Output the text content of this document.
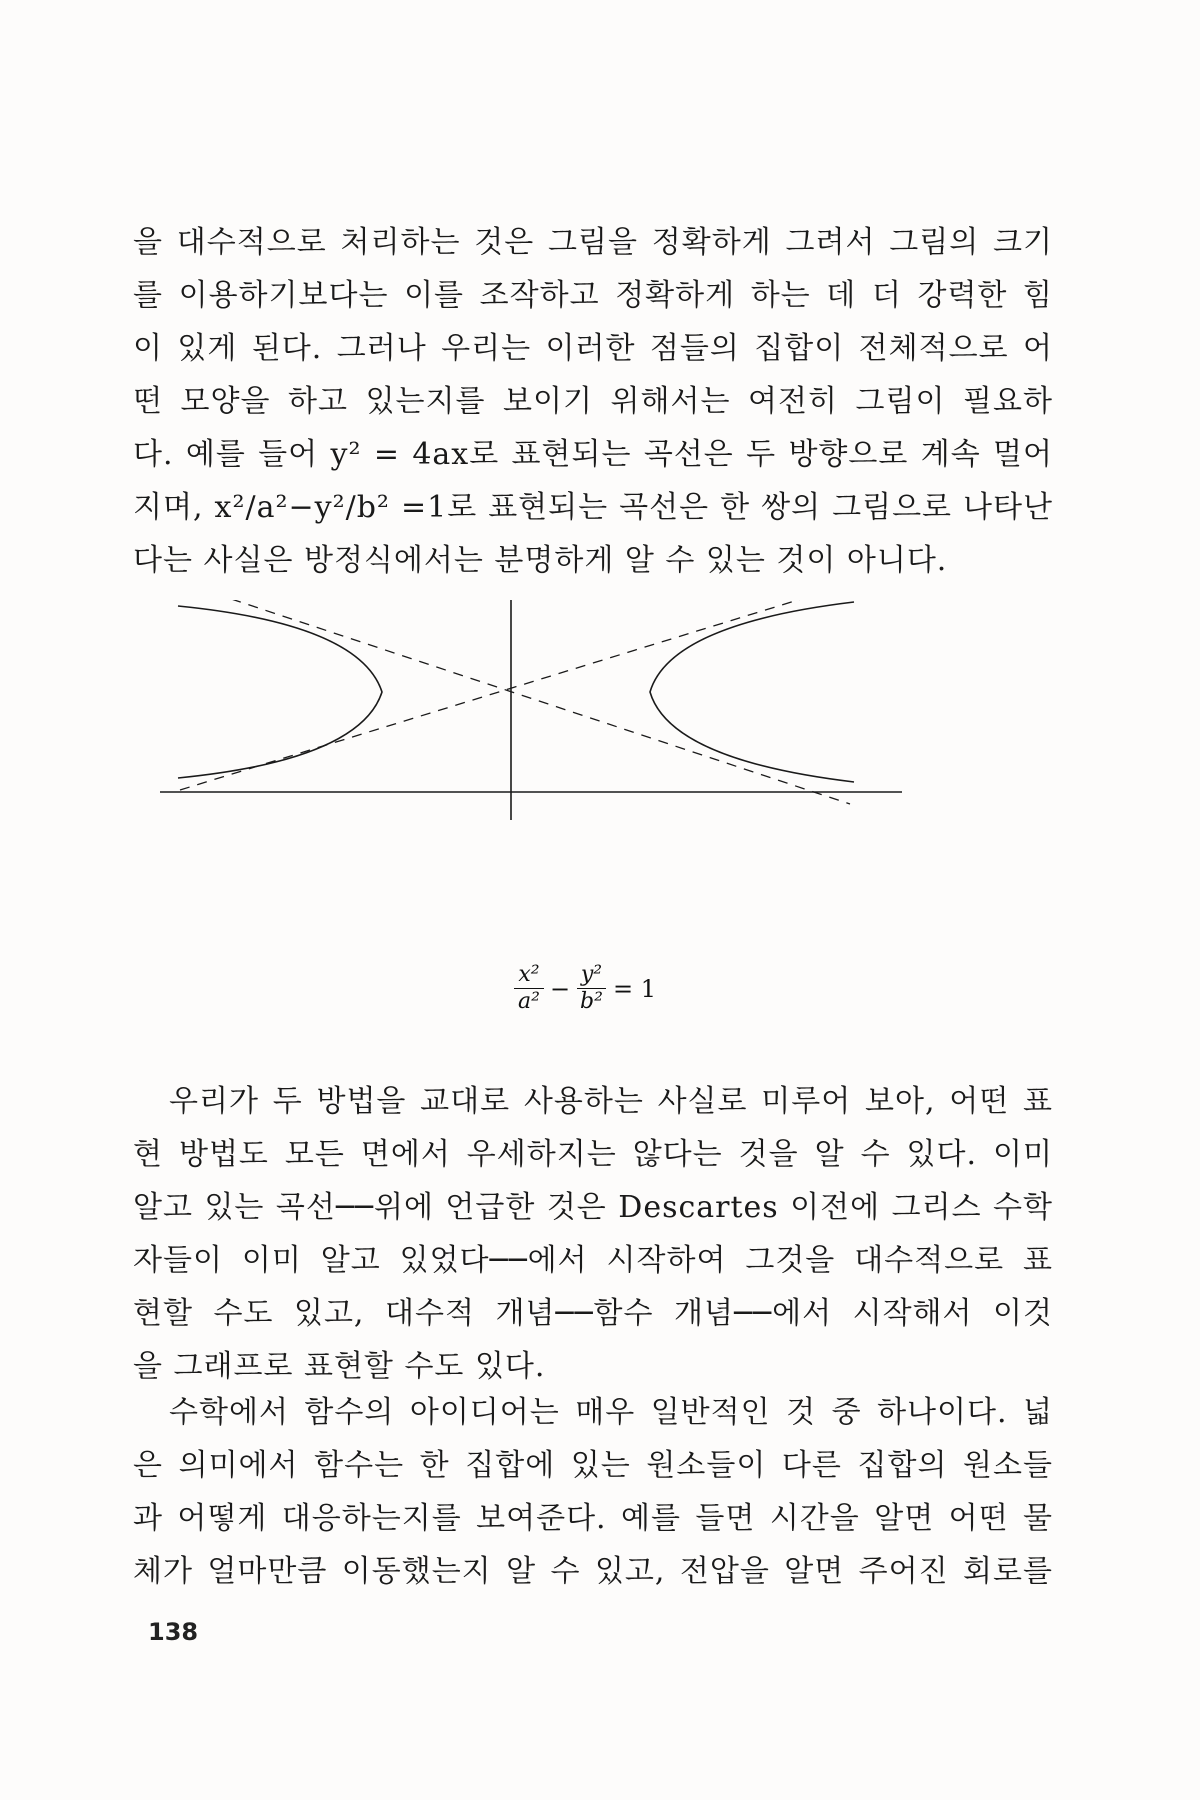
을 대수적으로 처리하는 것은 그림을 정확하게 그려서 그림의 크기
를 이용하기보다는 이를 조작하고 정확하게 하는 데 더 강력한 힘
이 있게 된다. 그러나 우리는 이러한 점들의 집합이 전체적으로 어
떤 모양을 하고 있는지를 보이기 위해서는 여전히 그림이 필요하
다. 예를 들어 y² = 4ax로 표현되는 곡선은 두 방향으로 계속 멀어
지며, x²/a²−y²/b² =1로 표현되는 곡선은 한 쌍의 그림으로 나타난
다는 사실은 방정식에서는 분명하게 알 수 있는 것이 아니다.
$\frac{\text{x²}}{\text{a²}} - \frac{\text{y²}}{\text{b²}} = 1$
우리가 두 방법을 교대로 사용하는 사실로 미루어 보아, 어떤 표
현 방법도 모든 면에서 우세하지는 않다는 것을 알 수 있다. 이미
알고 있는 곡선──위에 언급한 것은 Descartes 이전에 그리스 수학
자들이 이미 알고 있었다──에서 시작하여 그것을 대수적으로 표
현할 수도 있고, 대수적 개념──함수 개념──에서 시작해서 이것
을 그래프로 표현할 수도 있다.
수학에서 함수의 아이디어는 매우 일반적인 것 중 하나이다. 넓
은 의미에서 함수는 한 집합에 있는 원소들이 다른 집합의 원소들
과 어떻게 대응하는지를 보여준다. 예를 들면 시간을 알면 어떤 물
체가 얼마만큼 이동했는지 알 수 있고, 전압을 알면 주어진 회로를
138
